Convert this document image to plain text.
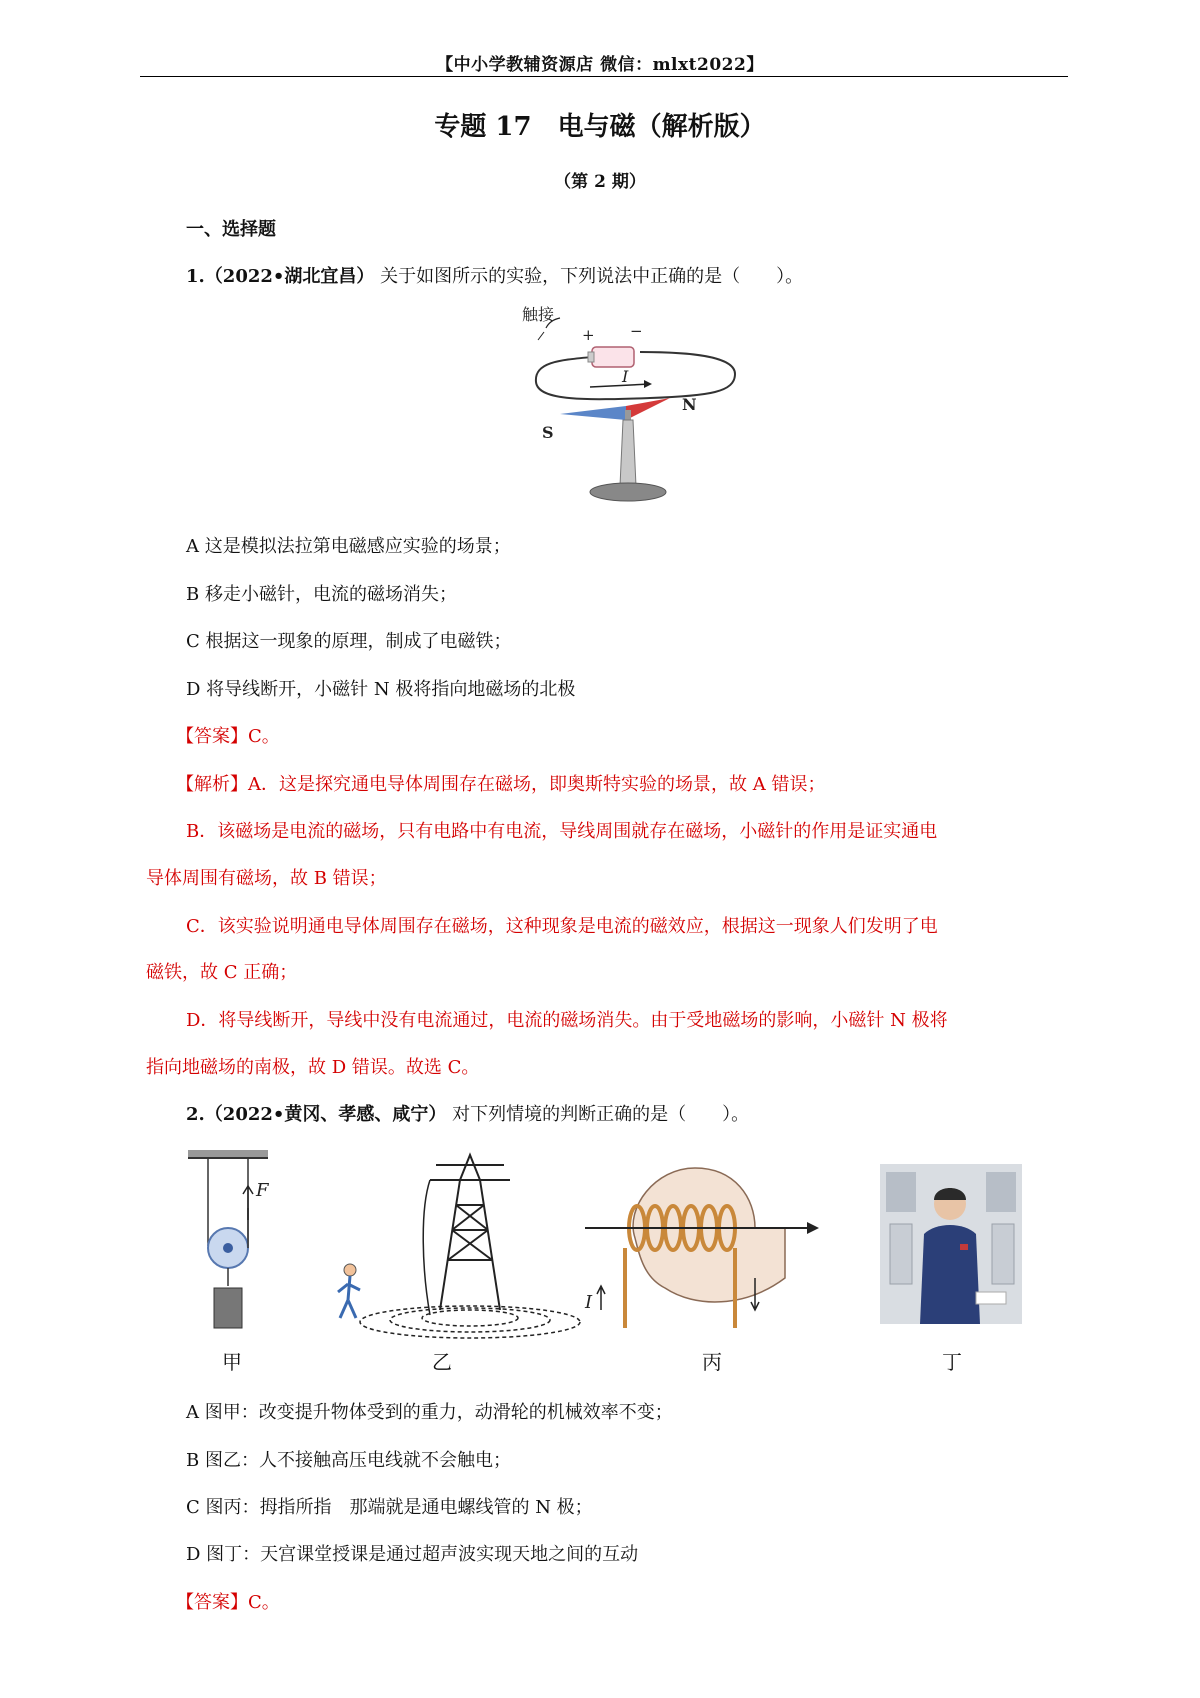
【中小学教辅资源店 微信：mlxt2022】
专题 17　电与磁（解析版）
（第 2 期）
一、选择题
1.（2022•湖北宜昌） 关于如图所示的实验，下列说法中正确的是（　　）。
触接
+ −
I
S
N
A 这是模拟法拉第电磁感应实验的场景；
B 移走小磁针，电流的磁场消失；
C 根据这一现象的原理，制成了电磁铁；
D 将导线断开，小磁针 N 极将指向地磁场的北极
【答案】C。
【解析】A．这是探究通电导体周围存在磁场，即奥斯特实验的场景，故 A 错误；
B．该磁场是电流的磁场，只有电路中有电流，导线周围就存在磁场，小磁针的作用是证实通电
导体周围有磁场，故 B 错误；
C．该实验说明通电导体周围存在磁场，这种现象是电流的磁效应，根据这一现象人们发明了电
磁铁，故 C 正确；
D．将导线断开，导线中没有电流通过，电流的磁场消失。由于受地磁场的影响，小磁针 N 极将
指向地磁场的南极，故 D 错误。故选 C。
2.（2022•黄冈、孝感、咸宁） 对下列情境的判断正确的是（　　）。
F
I
甲	乙	丙	丁
A 图甲：改变提升物体受到的重力，动滑轮的机械效率不变；
B 图乙：人不接触高压电线就不会触电；
C 图丙：拇指所指　那端就是通电螺线管的 N 极；
D 图丁：天宫课堂授课是通过超声波实现天地之间的互动
【答案】C。
